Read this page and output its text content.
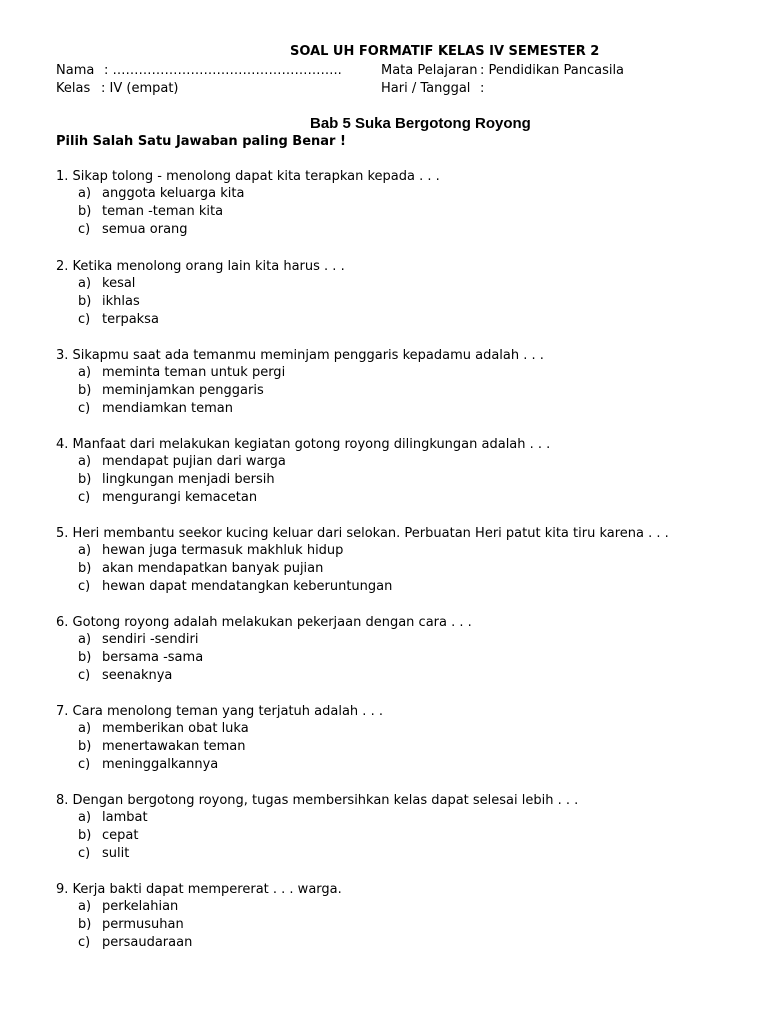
SOAL UH FORMATIF KELAS IV SEMESTER 2
Nama : ……………………………………………..	Mata Pelajaran : Pendidikan Pancasila
Kelas : IV (empat)	Hari / Tanggal :
Bab 5 Suka Bergotong Royong
Pilih Salah Satu Jawaban paling Benar !
1. Sikap tolong - menolong dapat kita terapkan kepada . . .
a) anggota keluarga kita
b) teman -teman kita
c) semua orang
2. Ketika menolong orang lain kita harus . . .
a) kesal
b) ikhlas
c) terpaksa
3. Sikapmu saat ada temanmu meminjam penggaris kepadamu adalah . . .
a) meminta teman untuk pergi
b) meminjamkan penggaris
c) mendiamkan teman
4. Manfaat dari melakukan kegiatan gotong royong dilingkungan adalah . . .
a) mendapat pujian dari warga
b) lingkungan menjadi bersih
c) mengurangi kemacetan
5. Heri membantu seekor kucing keluar dari selokan. Perbuatan Heri patut kita tiru karena . . .
a) hewan juga termasuk makhluk hidup
b) akan mendapatkan banyak pujian
c) hewan dapat mendatangkan keberuntungan
6. Gotong royong adalah melakukan pekerjaan dengan cara . . .
a) sendiri -sendiri
b) bersama -sama
c) seenaknya
7. Cara menolong teman yang terjatuh adalah . . .
a) memberikan obat luka
b) menertawakan teman
c) meninggalkannya
8. Dengan bergotong royong, tugas membersihkan kelas dapat selesai lebih . . .
a) lambat
b) cepat
c) sulit
9. Kerja bakti dapat mempererat . . . warga.
a) perkelahian
b) permusuhan
c) persaudaraan
